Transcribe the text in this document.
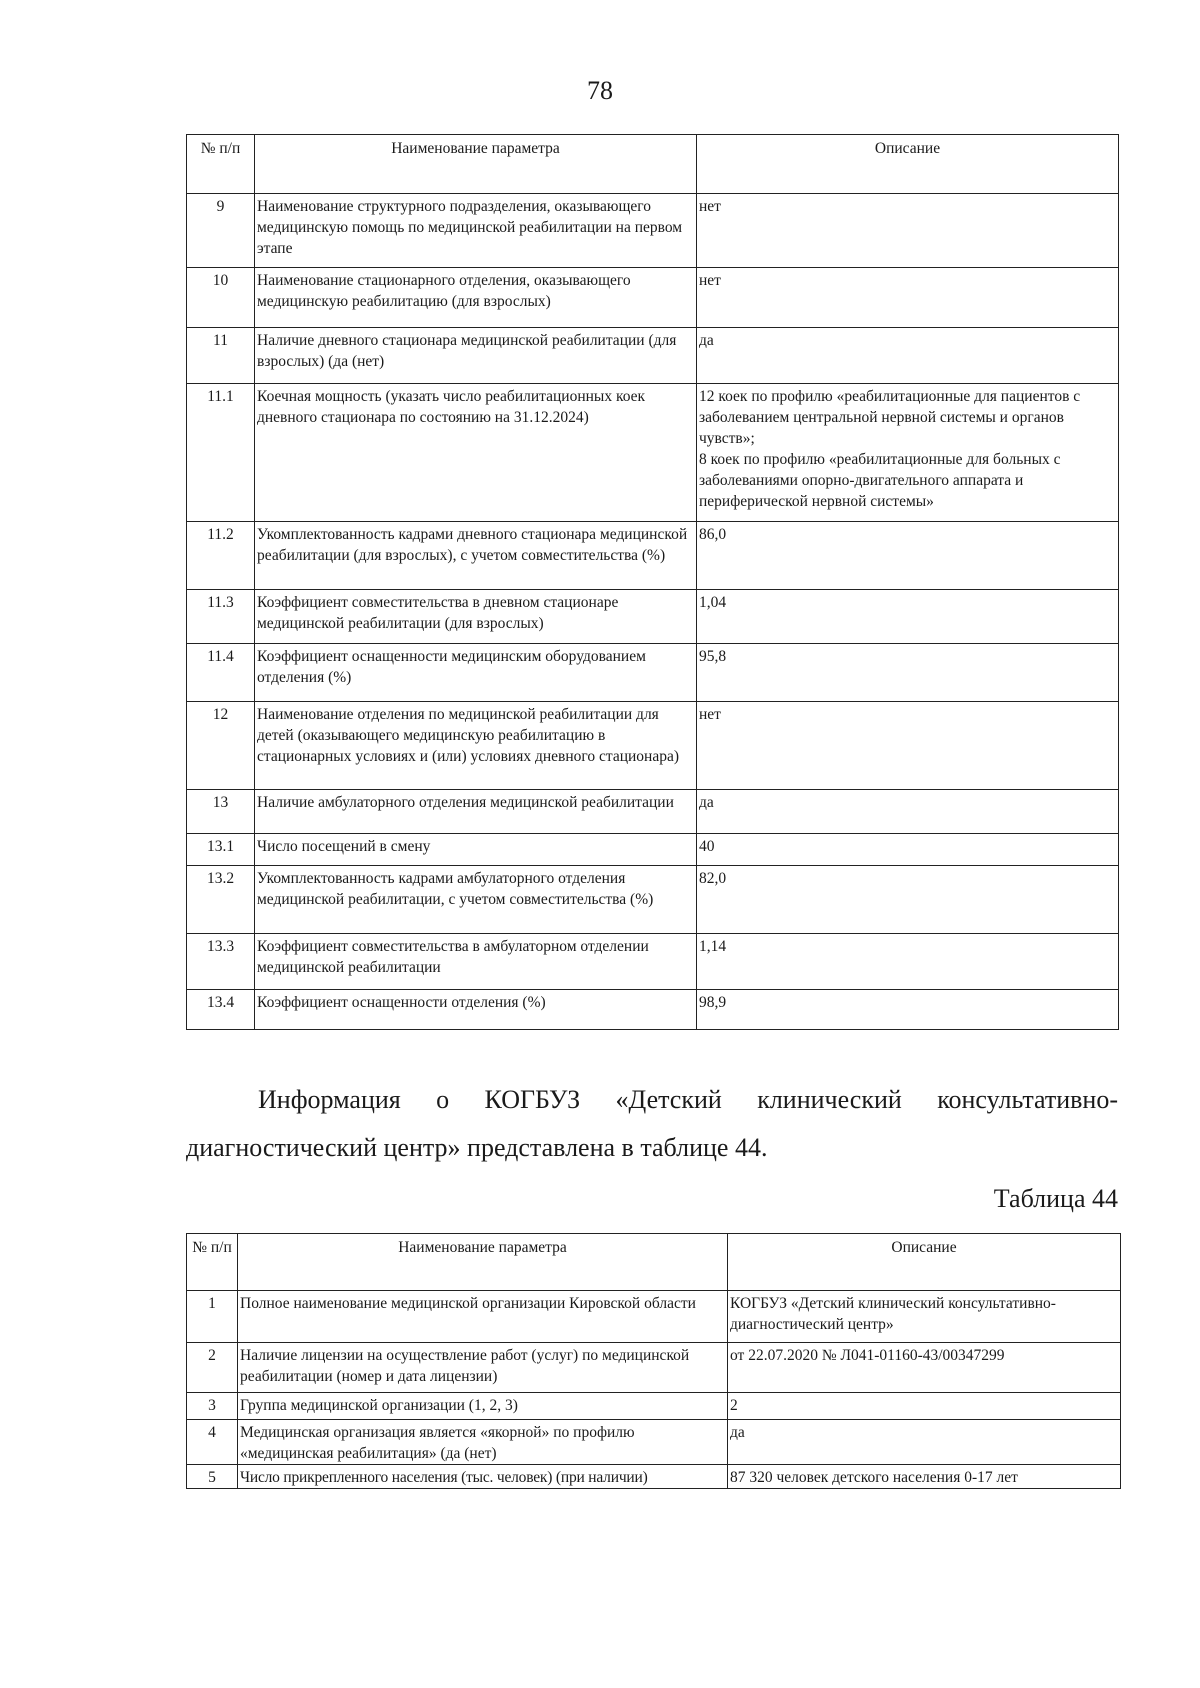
78
№ п/п	Наименование параметра	Описание
9	Наименование структурного подразделения, оказывающего медицинскую помощь по медицинской реабилитации на первом этапе	нет
10	Наименование стационарного отделения, оказывающего медицинскую реабилитацию (для взрослых)	нет
11	Наличие дневного стационара медицинской реабилитации (для взрослых) (да (нет)	да
11.1	Коечная мощность (указать число реабилитационных коек дневного стационара по состоянию на 31.12.2024)	12 коек по профилю «реабилитационные для пациентов с заболеванием центральной нервной системы и органов чувств»;
8 коек по профилю «реабилитационные для больных с заболеваниями опорно-двигательного аппарата и периферической нервной системы»

11.2	Укомплектованность кадрами дневного стационара медицинской реабилитации (для взрослых), с учетом совместительства (%)	86,0
11.3	Коэффициент совместительства в дневном стационаре медицинской реабилитации (для взрослых)	1,04
11.4	Коэффициент оснащенности медицинским оборудованием отделения (%)	95,8
12	Наименование отделения по медицинской реабилитации для детей (оказывающего медицинскую реабилитацию в стационарных условиях и (или) условиях дневного стационара)	нет
13	Наличие амбулаторного отделения медицинской реабилитации	да
13.1	Число посещений в смену	40
13.2	Укомплектованность кадрами амбулаторного отделения медицинской реабилитации, с учетом совместительства (%)	82,0
13.3	Коэффициент совместительства в амбулаторном отделении медицинской реабилитации	1,14
13.4	Коэффициент оснащенности отделения (%)	98,9
Информация о КОГБУЗ «Детский клинический консультативно-
диагностический центр» представлена в таблице 44.
Таблица 44
№ п/п	Наименование параметра	Описание
1	Полное наименование медицинской организации Кировской области	КОГБУЗ «Детский клинический консультативно-диагностический центр»
2	Наличие лицензии на осуществление работ (услуг) по медицинской реабилитации (номер и дата лицензии)	от 22.07.2020 № Л041-01160-43/00347299
3	Группа медицинской организации (1, 2, 3)	2
4	Медицинская организация является «якорной» по профилю «медицинская реабилитация» (да (нет)	да
5	Число прикрепленного населения (тыс. человек) (при наличии)	87 320 человек детского населения 0-17 лет
